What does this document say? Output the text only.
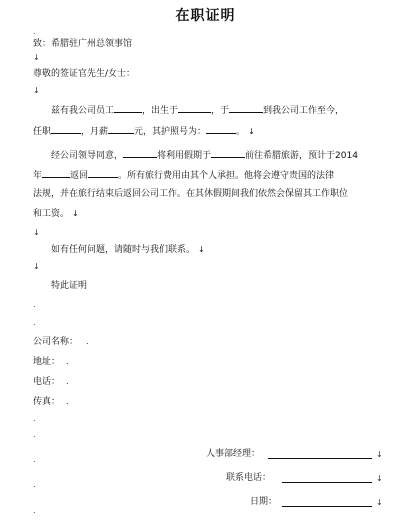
在职证明
.
致：希腊驻广州总领事馆
↓
尊敬的签证官先生/女士：
↓
兹有我公司员工	，出生于	，于	到我公司工作至今，
任职	，月薪	元，其护照号为：	。 ↓
经公司领导同意，	将利用假期于	前往希腊旅游，预计于2014
年	返回	。所有旅行费用由其个人承担。他将会遵守贵国的法律
法规，并在旅行结束后返回公司工作。在其休假期间我们依然会保留其工作职位
和工资。 ↓
↓
如有任何问题，请随时与我们联系。 ↓
↓
特此证明
.
.
公司名称： .
地址： .
电话： .
传真： .
.
.
人事部经理：	↓
.
联系电话：	↓
.
日期：	↓
.
